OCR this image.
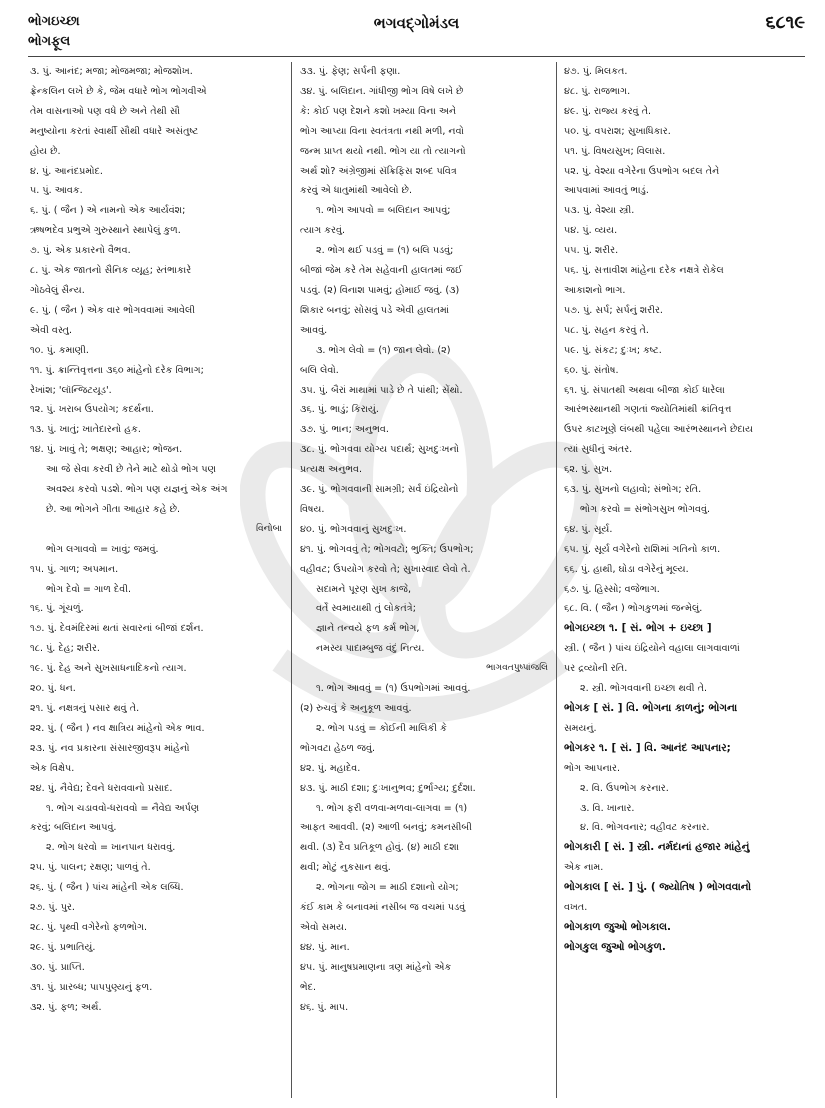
ભોગઇચ્છા
ભોગફૂલ
ભગવદ્ગોમંડલ	૬૮૧૯
૩. પું. આનંદ; મજા; મોજમજા; મોજશોખ.
ફ્રેન્કલિન લખે છે કે, જેમ વધારે ભોગ ભોગવીએ
તેમ વાસનાઓ પણ વધે છે અને તેથી સૌ
મનુષ્યોના કરતાં સ્વાર્થી સૌથી વધારે અસંતુષ્ટ
હોય છે.
૪. પું. આનંદપ્રમોદ.
૫. પું. આવક.
૬. પું. ( જૈન ) એ નામનો એક આર્યવંશ;
ઋષભદેવ પ્રભુએ ગુરુસ્થાને સ્થાપેલું કુળ.
૭. પું. એક પ્રકારનો વૈભવ.
૮. પું. એક જાતનો સૈનિક વ્યૂહ; સ્તંભાકારે
ગોઠવેલું સૈન્ય.
૯. પું. ( જૈન ) એક વાર ભોગવવામાં આવેલી
એવી વસ્તુ.
૧૦. પું. કમાણી.
૧૧. પું. ક્રાન્તિવૃત્તના ૩૬૦ માંહેનો દરેક વિભાગ;
રેખાંશ; 'લૉન્જિટયૂડ'.
૧૨. પું. ખરાબ ઉપયોગ; કદર્થના.
૧૩. પું. ખાતું; ખાતેદારનો હક.
૧૪. પું. ખાવું તે; ભક્ષણ; આહાર; ભોજન.
આ જે સેવા કરવી છે તેને માટે થોડો ભોગ પણ
અવશ્ય કરવો પડશે. ભોગ પણ યજ્ઞનું એક અંગ
છે. આ ભોગને ગીતા આહાર કહે છે.
વિનોબા
ભોગ લગાવવો = ખાવું; જમવું.
૧૫. પું. ગાળ; અપમાન.
ભોગ દેવો = ગાળ દેવી.
૧૬. પું. ગૂંચળું.
૧૭. પું. દેવમંદિરમાં થતાં સવારનાં બીજાં દર્શન.
૧૮. પું. દેહ; શરીર.
૧૯. પું. દેહ અને સુખસાધનાદિકનો ત્યાગ.
૨૦. પું. ધન.
૨૧. પું. નક્ષત્રનું પસાર થવું તે.
૨૨. પું. ( જૈન ) નવ ક્ષાત્રિય માંહેનો એક ભાવ.
૨૩. પું. નવ પ્રકારના સંસારજીવરૂપ માંહેનો
એક વિક્ષેપ.
૨૪. પું. નૈવેદ્ય; દેવને ધરાવવાનો પ્રસાદ.
૧. ભોગ ચડાવવો-ધરાવવો = નૈવેદ્ય અર્પણ
કરવું; બલિદાન આપવું.
૨. ભોગ ધરવો = ખાનપાન ધરાવવું.
૨૫. પું. પાલન; રક્ષણ; પાળવું તે.
૨૬. પું. ( જૈન ) પાંચ માંહેની એક લબ્ધિ.
૨૭. પું. પુર.
૨૮. પું. પૃથ્વી વગેરેનો ફળભોગ.
૨૯. પું. પ્રભાતિયું.
૩૦. પું. પ્રાપ્તિ.
૩૧. પું. પ્રારબ્ધ; પાપપુણ્યનું ફળ.
૩૨. પું. ફળ; અર્થ.
૩૩. પું. ફેણ; સર્પની ફણા.
૩૪. પું. બલિદાન. ગાંધીજી ભોગ વિષે લખે છે
કે: કોઈ પણ દેશને કશો ખમ્યા વિના અને
ભોગ આપ્યા વિના સ્વતંત્રતા નથી મળી, નવો
જન્મ પ્રાપ્ત થયો નથી. ભોગ યા તો ત્યાગનો
અર્થ શો? અંગ્રેજીમાં સૅક્રિફિસ શબ્દ પવિત્ર
કરવું એ ધાતુમાંથી આવેલો છે.
૧. ભોગ આપવો = બલિદાન આપવું;
ત્યાગ કરવું.
૨. ભોગ થઈ પડવું = (૧) બલિ પડવું;
બીજાં જેમ કરે તેમ સહેવાની હાલતમાં જઈ
પડવું. (૨) વિનાશ પામવું; હોમાઈ જવું. (૩)
શિકાર બનવું; સોસવું પડે એવી હાલતમાં
આવવું.
૩. ભોગ લેવો = (૧) જાન લેવો. (૨)
બલિ લેવો.
૩૫. પું. બૈરાં માથામાં પાડે છે તે પાંથી; સેંથો.
૩૬. પું. ભાડું; કિરાયું.
૩૭. પું. ભાન; અનુભવ.
૩૮. પું. ભોગવવા યોગ્ય પદાર્થ; સુખદુઃખનો
પ્રત્યક્ષ અનુભવ.
૩૯. પું. ભોગવવાની સામગ્રી; સર્વ ઇંદ્રિયોનો
વિષય.
૪૦. પું. ભોગવવાનું સુખદુઃખ.
૪૧. પું. ભોગવવું તે; ભોગવટો; ભુક્તિ; ઉપભોગ;
વહીવટ; ઉપયોગ કરવો તે; સુખાસ્વાદ લેવો તે.
સદામને પૂરણ સુખ કાજે,
વર્તે સ્વમાયાથી તું લોકતંત્રે;
જ્ઞાને તન્વયે ફળ કર્મ ભોગ,
નમસ્ય પાદામ્બુજ વંદું નિત્ય.
ભાગવતપુષ્પાંજલિ
૧. ભોગ આવવું = (૧) ઉપભોગમાં આવવું.
(૨) રુચવું કે અનુકૂળ આવવું.
૨. ભોગ પડવું = કોઈની માલિકી કે
ભોગવટા હેઠળ જવું.
૪૨. પું. મહાદેવ.
૪૩. પું. માઠી દશા; દુઃખાનુભવ; દુર્ભાગ્ય; દુર્દશા.
૧. ભોગ ફરી વળવા-મળવા-લાગવા = (૧)
આફત આવવી. (૨) આળી બનવું; કમનસીબી
થવી. (૩) દૈવ પ્રતિકૂળ હોવું. (૪) માઠી દશા
થવી; મોટું નુકસાન થવું.
૨. ભોગના જોગ = માઠી દશાનો યોગ;
કંઈ કામ કે બનાવમાં નસીબ જ વચમાં પડવું
એવો સમય.
૪૪. પું. માન.
૪૫. પું. માનુષપ્રમાણના ત્રણ માંહેનો એક
ભેદ.
૪૬. પું. માપ.
૪૭. પું. મિલકત.
૪૮. પું. રાજભાગ.
૪૯. પું. રાજ્ય કરવું તે.
૫૦. પું. વપરાશ; સુખાધિકાર.
૫૧. પું. વિષયસુખ; વિલાસ.
૫૨. પું. વેશ્યા વગેરેના ઉપભોગ બદલ તેને
આપવામાં આવતું ભાડું.
૫૩. પું. વેશ્યા સ્ત્રી.
૫૪. પું. વ્યય.
૫૫. પું. શરીર.
૫૬. પું. સત્તાવીશ માંહેના દરેક નક્ષત્રે રોકેલ
આકાશનો ભાગ.
૫૭. પું. સર્પ; સર્પનું શરીર.
૫૮. પું. સહન કરવું તે.
૫૯. પું. સંકટ; દુઃખ; કષ્ટ.
૬૦. પું. સંતોષ.
૬૧. પું. સંપાતથી અથવા બીજા કોઈ ધારેલા
આરંભસ્થાનથી ગણતાં જ્યોતિમાંથી ક્રાંતિવૃત્ત
ઉપર કાટખૂણે લંબથી પહેલા આરંભસ્થાનને છેદાય
ત્યાં સુધીનું અંતર.
૬૨. પું. સુખ.
૬૩. પું. સુખનો લહાવો; સંભોગ; રતિ.
ભોગ કરવો = સંભોગસુખ ભોગવવું.
૬૪. પું. સૂર્ય.
૬૫. પું. સૂર્ય વગેરેનો રાશિમાં ગતિનો કાળ.
૬૬. પું. હાથી, ઘોડા વગેરેનું મૂલ્ય.
૬૭. પું. હિસ્સો; વજેભાગ.
૬૮. વિ. ( જૈન ) ભોગકુળમાં જન્મેલું.
ભોગઇચ્છા ૧. [ સં. ભોગ + ઇચ્છા ]
સ્ત્રી. ( જૈન ) પાંચ ઇંદ્રિયોને વહાલા લાગવાવાળાં
પર દ્રવ્યોની રતિ.
૨. સ્ત્રી. ભોગવવાની ઇચ્છા થવી તે.
ભોગક [ સં. ] વિ. ભોગના કાળનું; ભોગના
સમયનું.
ભોગકર ૧. [ સં. ] વિ. આનંદ આપનાર;
ભોગ આપનાર.
૨. વિ. ઉપભોગ કરનાર.
૩. વિ. ખાનાર.
૪. વિ. ભોગવનાર; વહીવટ કરનાર.
ભોગકારી [ સં. ] સ્ત્રી. નર્મદાનાં હજાર માંહેનું
એક નામ.
ભોગકાલ [ સં. ] પું. ( જ્યોતિષ ) ભોગવવાનો
વખત.
ભોગકાળ જુઓ ભોગકાલ.
ભોગકુલ જુઓ ભોગકુળ.
